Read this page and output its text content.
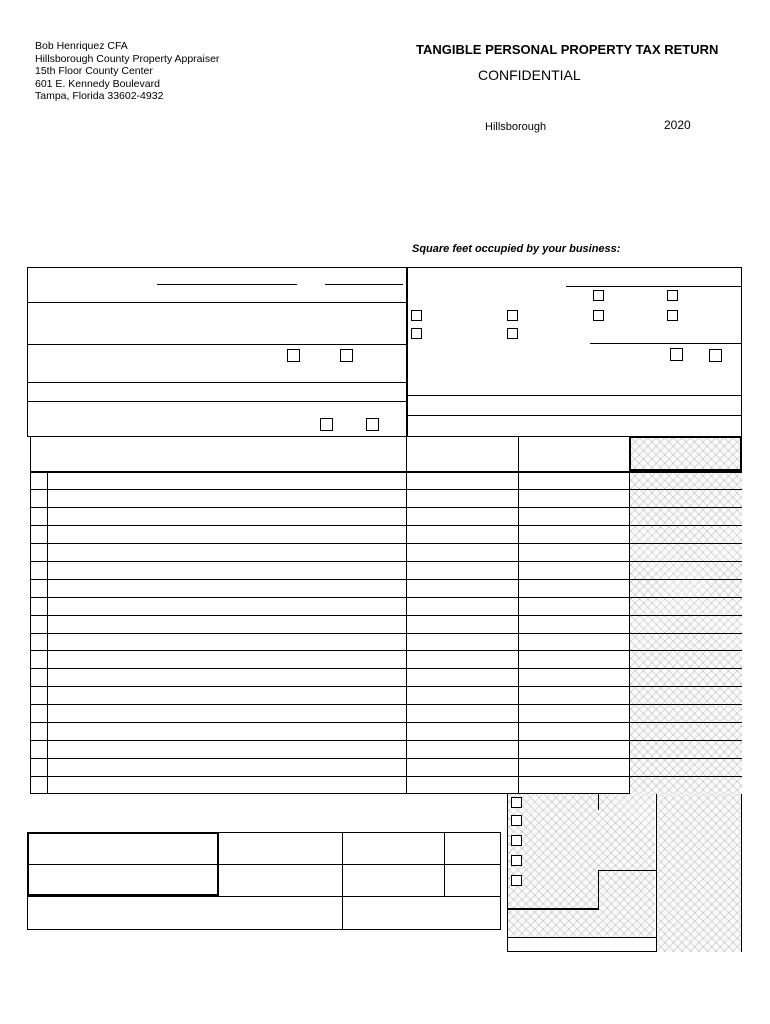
Bob Henriquez CFA
Hillsborough County Property Appraiser
15th Floor County Center
601 E. Kennedy Boulevard
Tampa, Florida 33602-4932
TANGIBLE PERSONAL PROPERTY TAX RETURN
CONFIDENTIAL
Hillsborough	2020
Square feet occupied by your business:
